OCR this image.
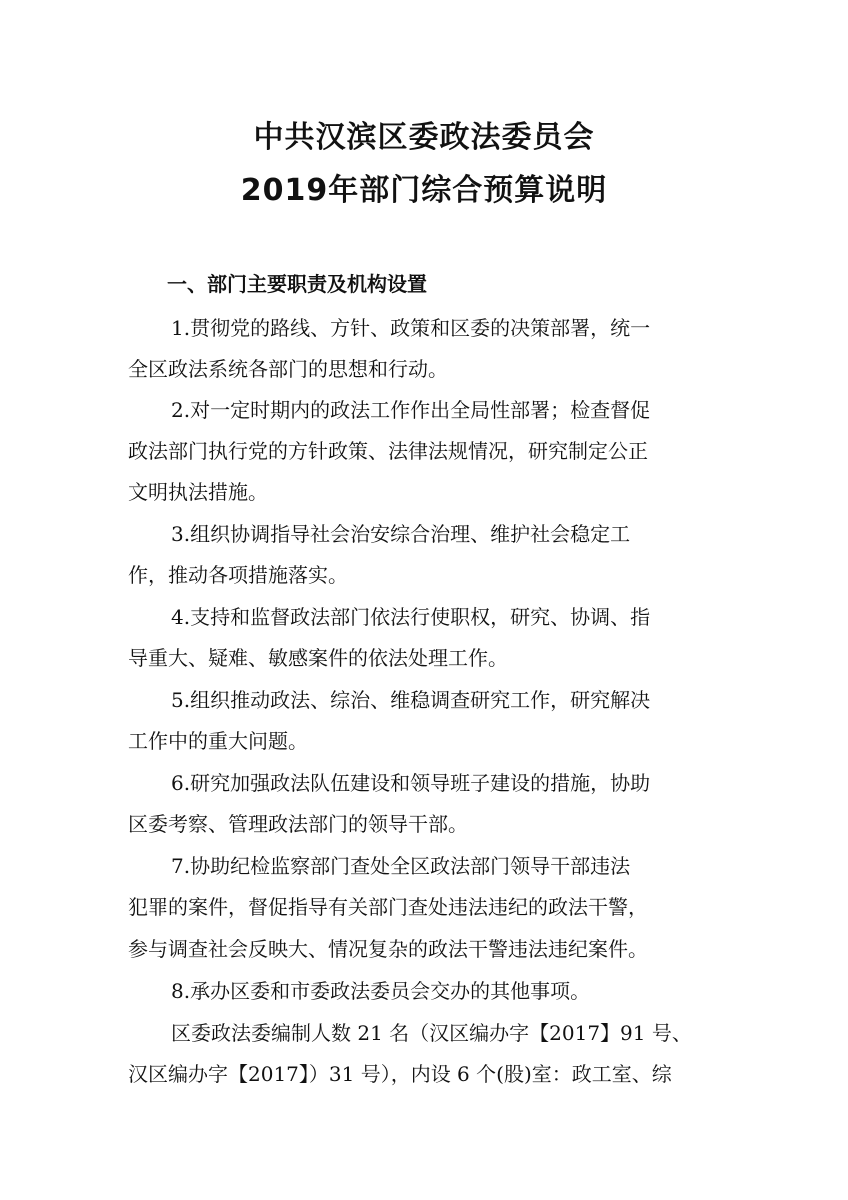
中共汉滨区委政法委员会
2019年部门综合预算说明
一、部门主要职责及机构设置
1.贯彻党的路线、方针、政策和区委的决策部署，统一
全区政法系统各部门的思想和行动。
2.对一定时期内的政法工作作出全局性部署；检查督促
政法部门执行党的方针政策、法律法规情况，研究制定公正
文明执法措施。
3.组织协调指导社会治安综合治理、维护社会稳定工
作，推动各项措施落实。
4.支持和监督政法部门依法行使职权，研究、协调、指
导重大、疑难、敏感案件的依法处理工作。
5.组织推动政法、综治、维稳调查研究工作，研究解决
工作中的重大问题。
6.研究加强政法队伍建设和领导班子建设的措施，协助
区委考察、管理政法部门的领导干部。
7.协助纪检监察部门查处全区政法部门领导干部违法
犯罪的案件，督促指导有关部门查处违法违纪的政法干警，
参与调查社会反映大、情况复杂的政法干警违法违纪案件。
8.承办区委和市委政法委员会交办的其他事项。
区委政法委编制人数 21 名（汉区编办字【2017】91 号、
汉区编办字【2017】）31 号），内设 6 个(股)室：政工室、综
